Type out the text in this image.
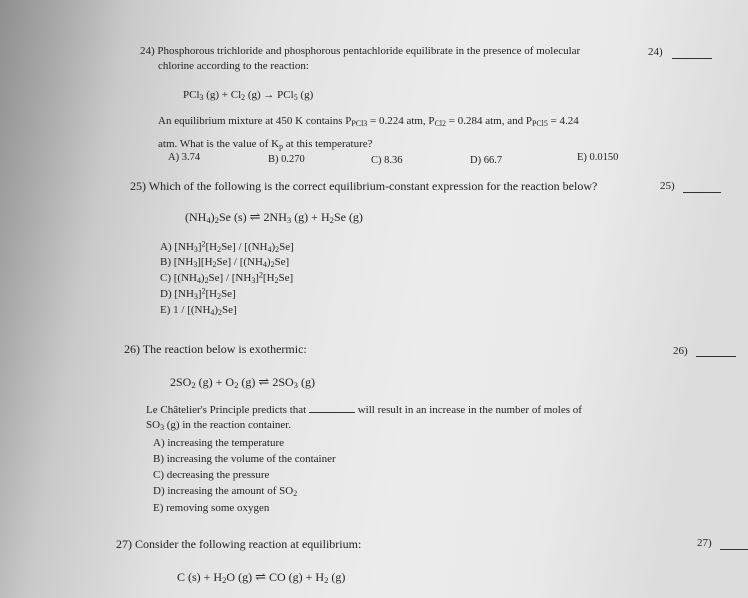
24) Phosphorous trichloride and phosphorous pentachloride equilibrate in the presence of molecular
chlorine according to the reaction:
24)
PCl$_3$ $(g) + Cl_2$ (g) → PCl$_5$ (g)
An equilibrium mixture at 450 K contains $P_{PCl3} = 0.224$ atm, $P_{Cl2} = 0.284$ atm, and $P_{PCl5} = 4.24$
atm. What is the value of $K_p$ at this temperature?
A) 3.74	B) 0.270	C) 8.36	D) 66.7	E) 0.0150
25) Which of the following is the correct equilibrium-constant expression for the reaction below?	25)
$(NH_4)_2Se$ (s) ⇌ $2NH_3$ $(g) + H_2Se$ (g)
A) $[NH_3]^2[H_2Se] / [(NH_4)_2Se]$
B) $[NH_3][H_2Se] / [(NH_4)_2Se]$
C) $[(NH_4)_2Se] / [NH_3]^2[H_2Se]$
D) $[NH_3]^2[H_2Se]$
E) $1 / [(NH_4)_2Se]$
26) The reaction below is exothermic:	26)
$2SO_2$ $(g) + O_2$ (g) ⇌ $2SO_3$ (g)
Le Châtelier's Principle predicts that	will result in an increase in the number of moles of
$SO_3$ (g) in the reaction container.
A) increasing the temperature
B) increasing the volume of the container
C) decreasing the pressure
D) increasing the amount of $SO_2$
E) removing some oxygen
27) Consider the following reaction at equilibrium:	27)
C $(s) + H_2O$ (g) ⇌ CO $(g) + H_2$ (g)
